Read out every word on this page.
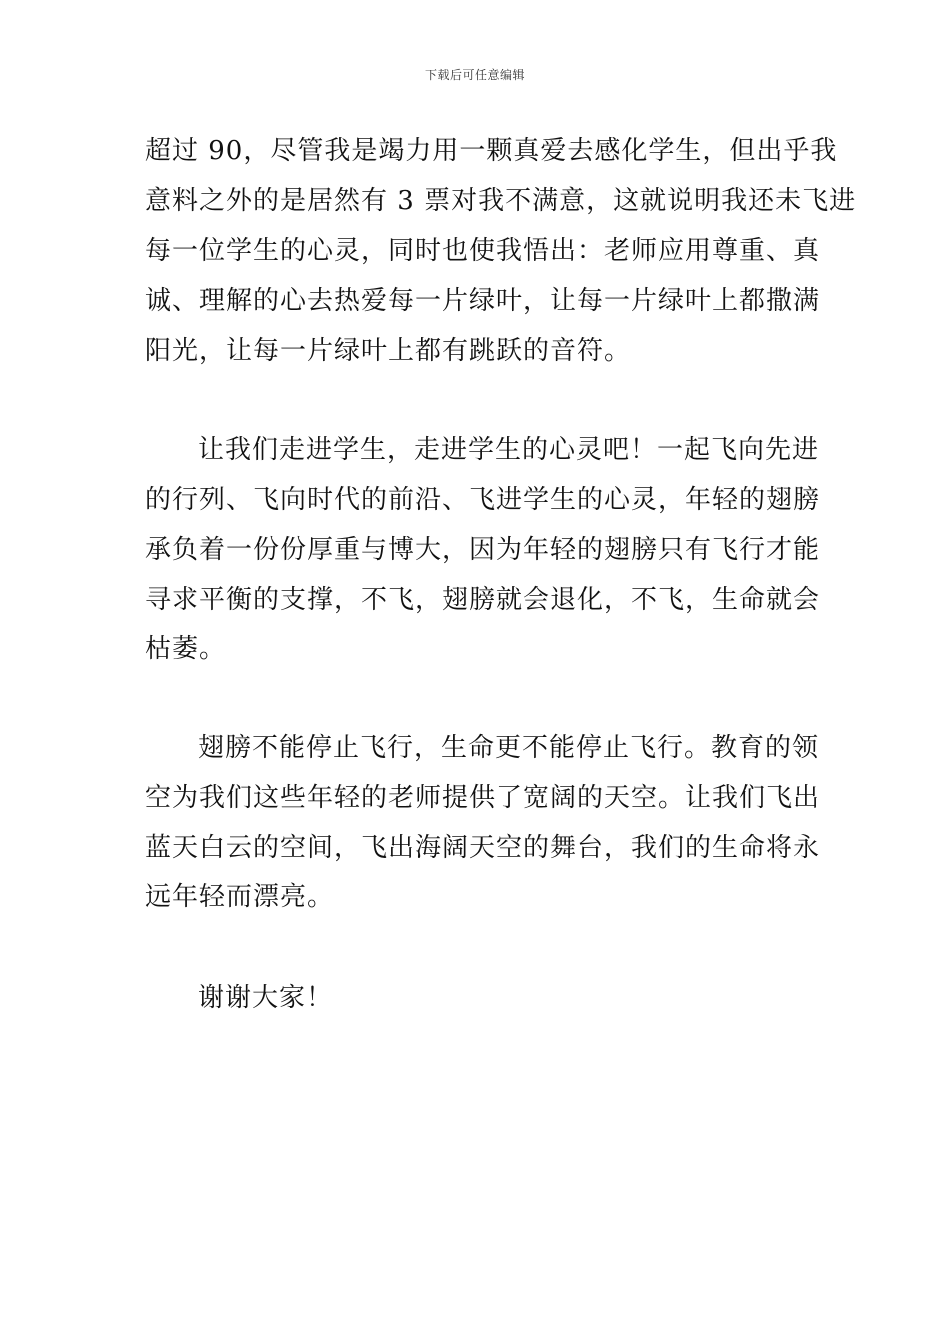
下载后可任意编辑
超过 90，尽管我是竭力用一颗真爱去感化学生，但出乎我
意料之外的是居然有 3 票对我不满意，这就说明我还未飞进
每一位学生的心灵，同时也使我悟出：老师应用尊重、真
诚、理解的心去热爱每一片绿叶，让每一片绿叶上都撒满
阳光，让每一片绿叶上都有跳跃的音符。
让我们走进学生，走进学生的心灵吧！一起飞向先进
的行列、飞向时代的前沿、飞进学生的心灵，年轻的翅膀
承负着一份份厚重与博大，因为年轻的翅膀只有飞行才能
寻求平衡的支撑，不飞，翅膀就会退化，不飞，生命就会
枯萎。
翅膀不能停止飞行，生命更不能停止飞行。教育的领
空为我们这些年轻的老师提供了宽阔的天空。让我们飞出
蓝天白云的空间，飞出海阔天空的舞台，我们的生命将永
远年轻而漂亮。
谢谢大家！
